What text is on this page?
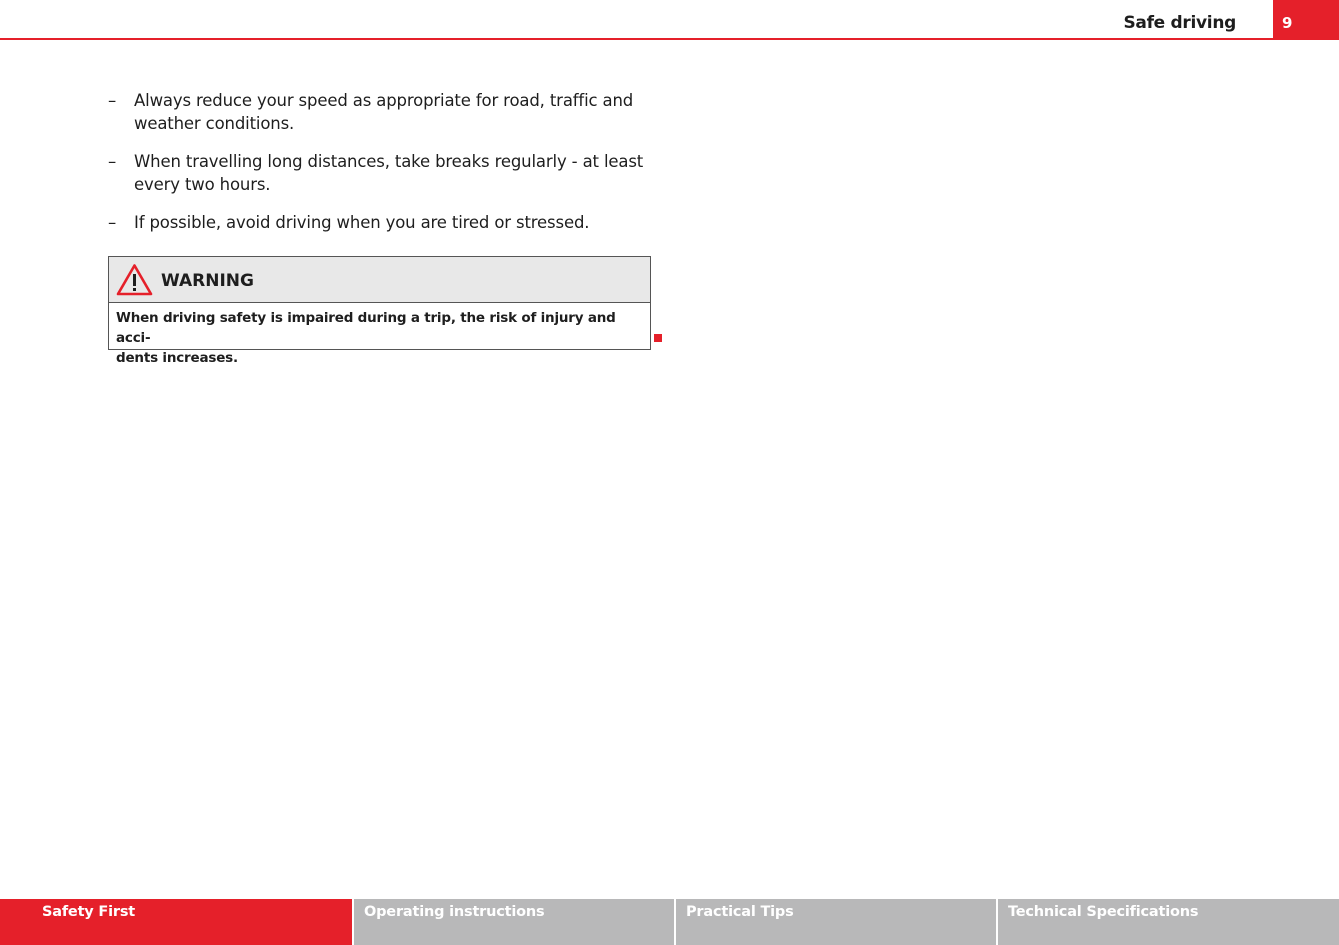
Safe driving	9
– Always reduce your speed as appropriate for road, traffic and weather conditions.
– When travelling long distances, take breaks regularly - at least every two hours.
– If possible, avoid driving when you are tired or stressed.
WARNING
When driving safety is impaired during a trip, the risk of injury and acci-
dents increases.
Safety First	Operating instructions	Practical Tips	Technical Specifications
